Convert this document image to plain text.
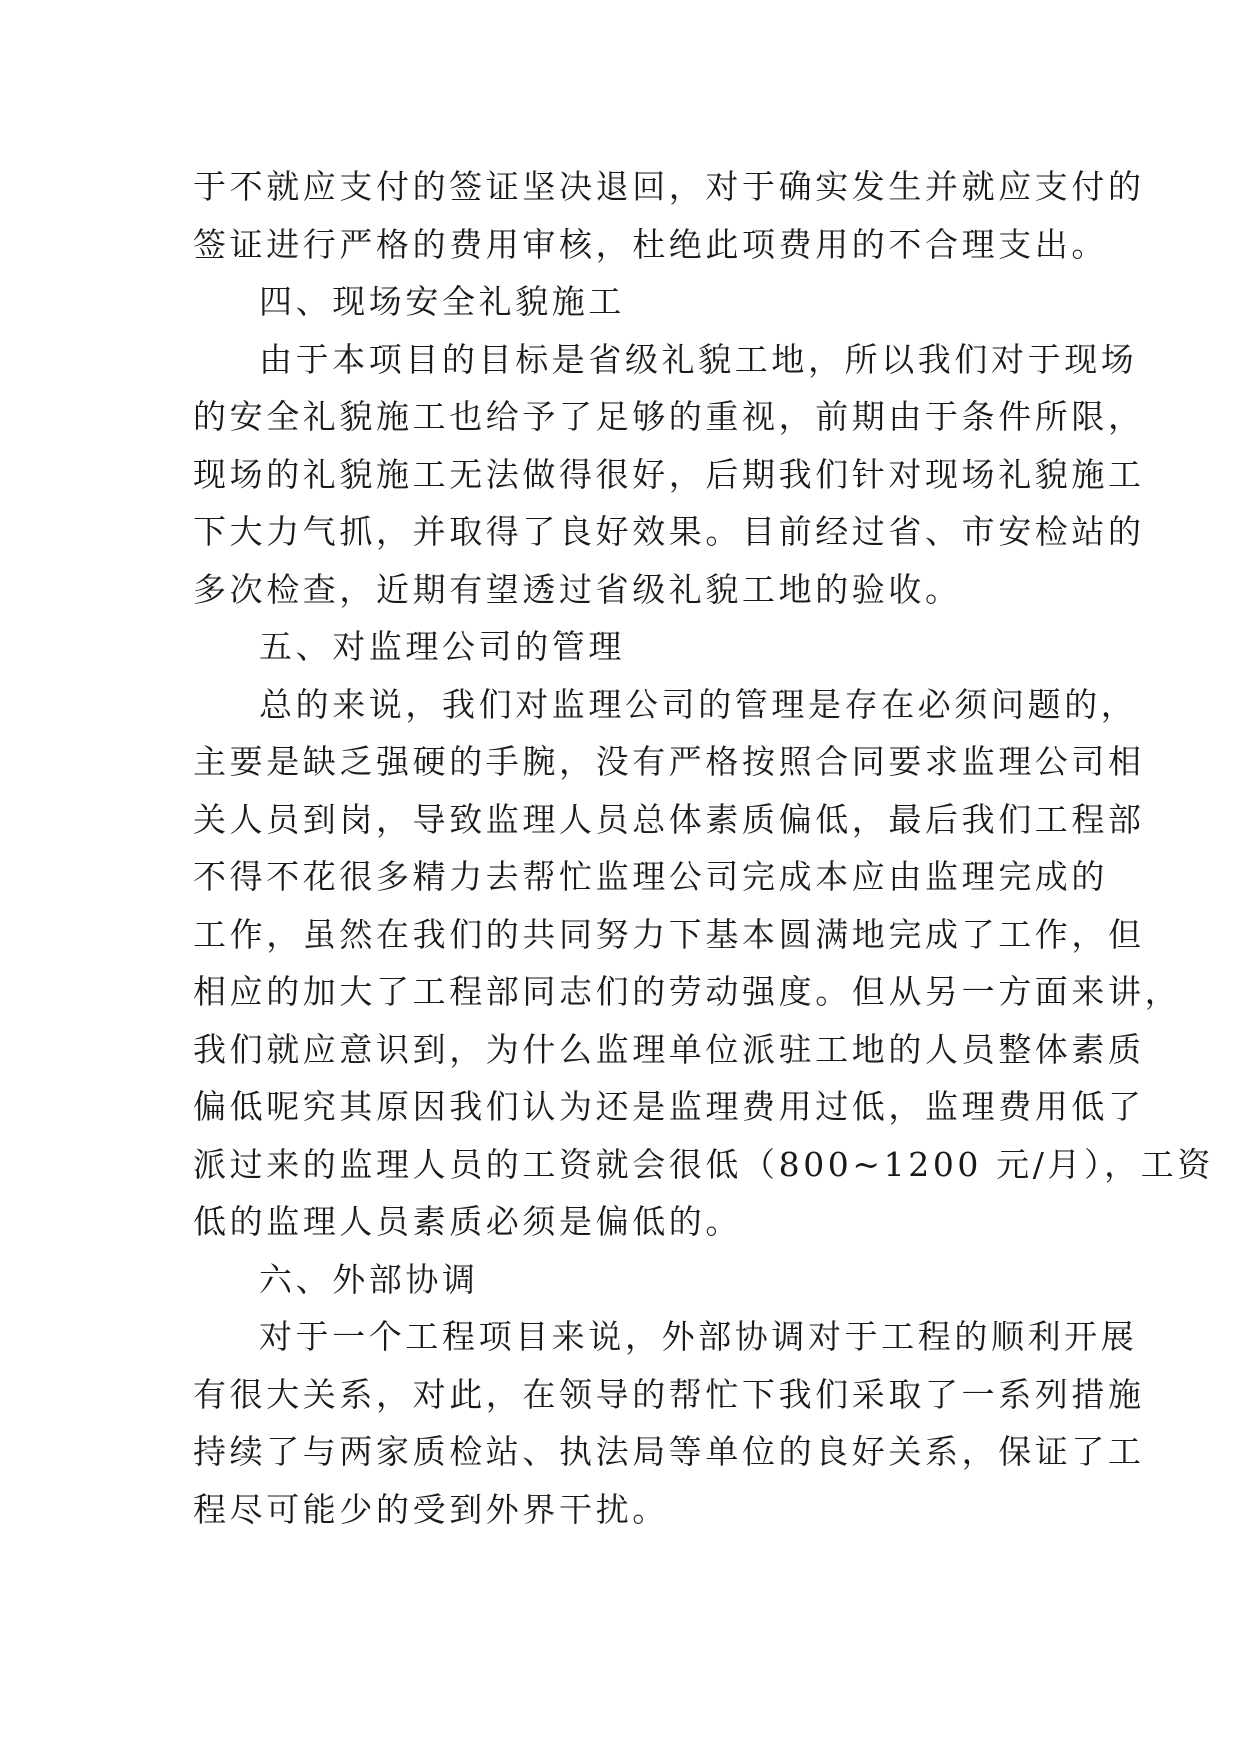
于不就应支付的签证坚决退回，对于确实发生并就应支付的
签证进行严格的费用审核，杜绝此项费用的不合理支出。
四、现场安全礼貌施工
由于本项目的目标是省级礼貌工地，所以我们对于现场
的安全礼貌施工也给予了足够的重视，前期由于条件所限，
现场的礼貌施工无法做得很好，后期我们针对现场礼貌施工
下大力气抓，并取得了良好效果。目前经过省、市安检站的
多次检查，近期有望透过省级礼貌工地的验收。
五、对监理公司的管理
总的来说，我们对监理公司的管理是存在必须问题的，
主要是缺乏强硬的手腕，没有严格按照合同要求监理公司相
关人员到岗，导致监理人员总体素质偏低，最后我们工程部
不得不花很多精力去帮忙监理公司完成本应由监理完成的
工作，虽然在我们的共同努力下基本圆满地完成了工作，但
相应的加大了工程部同志们的劳动强度。但从另一方面来讲，
我们就应意识到，为什么监理单位派驻工地的人员整体素质
偏低呢究其原因我们认为还是监理费用过低，监理费用低了
派过来的监理人员的工资就会很低（800~1200 元/月），工资
低的监理人员素质必须是偏低的。
六、外部协调
对于一个工程项目来说，外部协调对于工程的顺利开展
有很大关系，对此，在领导的帮忙下我们采取了一系列措施
持续了与两家质检站、执法局等单位的良好关系，保证了工
程尽可能少的受到外界干扰。
